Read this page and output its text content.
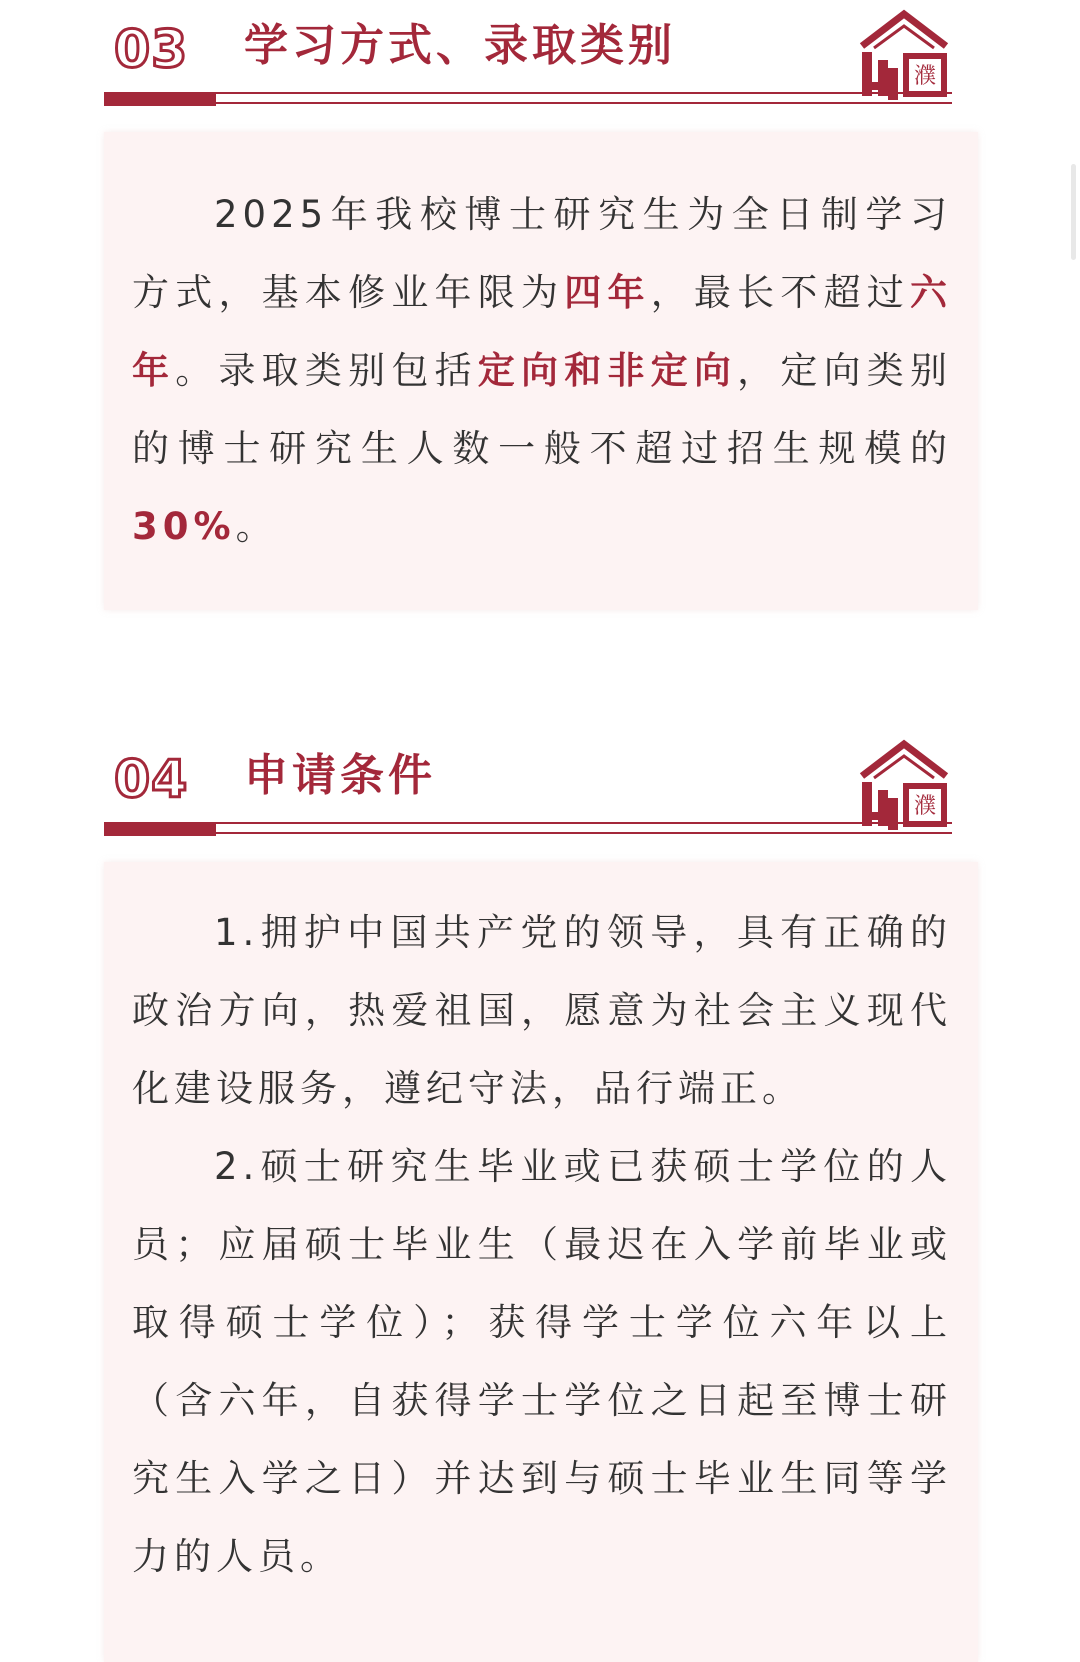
03 学习方式、录取类别
濮

2025年我校博士研究生为全日制学习方式，基本修业年限为四年，最长不超过六年。录取类别包括定向和非定向，定向类别的博士研究生人数一般不超过招生规模的30%。

04 申请条件
濮

1.拥护中国共产党的领导，具有正确的政治方向，热爱祖国，愿意为社会主义现代化建设服务，遵纪守法，品行端正。

2.硕士研究生毕业或已获硕士学位的人员；应届硕士毕业生（最迟在入学前毕业或取得硕士学位）；获得学士学位六年以上（含六年，自获得学士学位之日起至博士研究生入学之日）并达到与硕士毕业生同等学力的人员。
